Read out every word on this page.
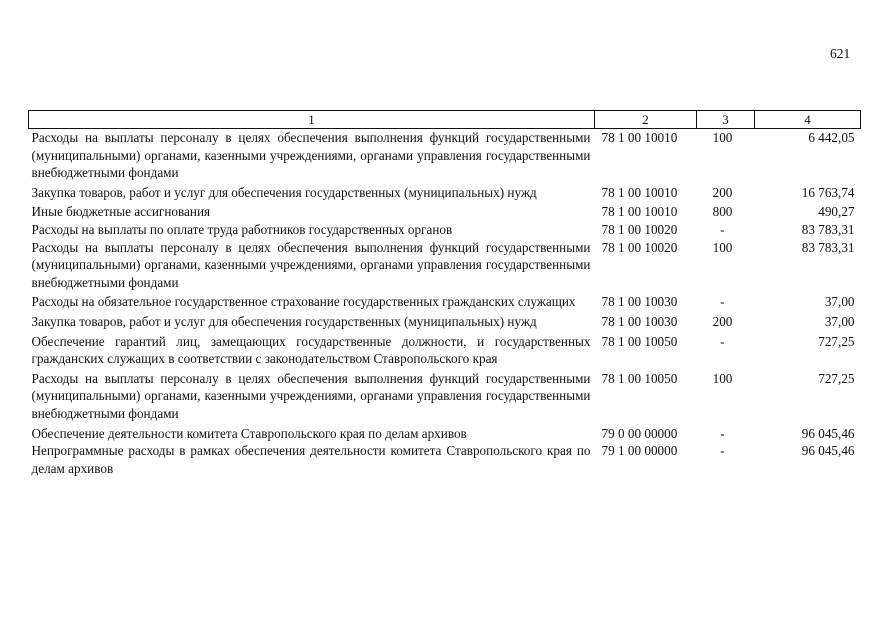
621
1	2	3	4
Расходы на выплаты персоналу в целях обеспечения выполнения функций государственными (муниципальными) органами, казенными учреждениями, органами управления государственными внебюджетными фондами	78 1 00 10010	100	6 442,05
Закупка товаров, работ и услуг для обеспечения государственных (муниципальных) нужд	78 1 00 10010	200	16 763,74
Иные бюджетные ассигнования	78 1 00 10010	800	490,27
Расходы на выплаты по оплате труда работников государственных органов	78 1 00 10020	-	83 783,31
Расходы на выплаты персоналу в целях обеспечения выполнения функций государственными (муниципальными) органами, казенными учреждениями, органами управления государственными внебюджетными фондами	78 1 00 10020	100	83 783,31
Расходы на обязательное государственное страхование государственных гражданских служащих	78 1 00 10030	-	37,00
Закупка товаров, работ и услуг для обеспечения государственных (муниципальных) нужд	78 1 00 10030	200	37,00
Обеспечение гарантий лиц, замещающих государственные должности, и государственных гражданских служащих в соответствии с законодательством Ставропольского края	78 1 00 10050	-	727,25
Расходы на выплаты персоналу в целях обеспечения выполнения функций государственными (муниципальными) органами, казенными учреждениями, органами управления государственными внебюджетными фондами	78 1 00 10050	100	727,25
Обеспечение деятельности комитета Ставропольского края по делам архивов	79 0 00 00000	-	96 045,46
Непрограммные расходы в рамках обеспечения деятельности комитета Ставропольского края по делам архивов	79 1 00 00000	-	96 045,46
